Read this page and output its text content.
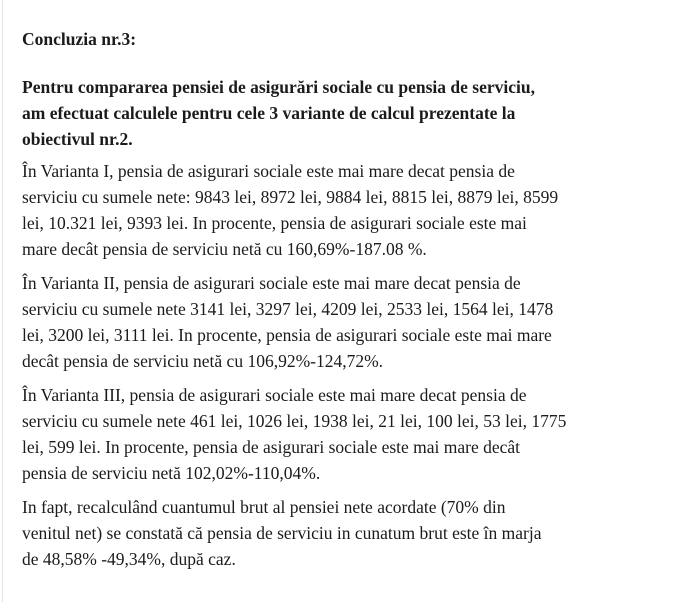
Concluzia nr.3:
Pentru compararea pensiei de asigurări sociale cu pensia de serviciu,
am efectuat calculele pentru cele 3 variante de calcul prezentate la
obiectivul nr.2.
În Varianta I, pensia de asigurari sociale este mai mare decat pensia de
serviciu cu sumele nete: 9843 lei, 8972 lei, 9884 lei, 8815 lei, 8879 lei, 8599
lei, 10.321 lei, 9393 lei. In procente, pensia de asigurari sociale este mai
mare decât pensia de serviciu netă cu 160,69%-187.08 %.
În Varianta II, pensia de asigurari sociale este mai mare decat pensia de
serviciu cu sumele nete 3141 lei, 3297 lei, 4209 lei, 2533 lei, 1564 lei, 1478
lei, 3200 lei, 3111 lei. In procente, pensia de asigurari sociale este mai mare
decât pensia de serviciu netă cu 106,92%-124,72%.
În Varianta III, pensia de asigurari sociale este mai mare decat pensia de
serviciu cu sumele nete 461 lei, 1026 lei, 1938 lei, 21 lei, 100 lei, 53 lei, 1775
lei, 599 lei. In procente, pensia de asigurari sociale este mai mare decât
pensia de serviciu netă 102,02%-110,04%.
In fapt, recalculând cuantumul brut al pensiei nete acordate (70% din
venitul net) se constată că pensia de serviciu in cunatum brut este în marja
de 48,58% -49,34%, după caz.
